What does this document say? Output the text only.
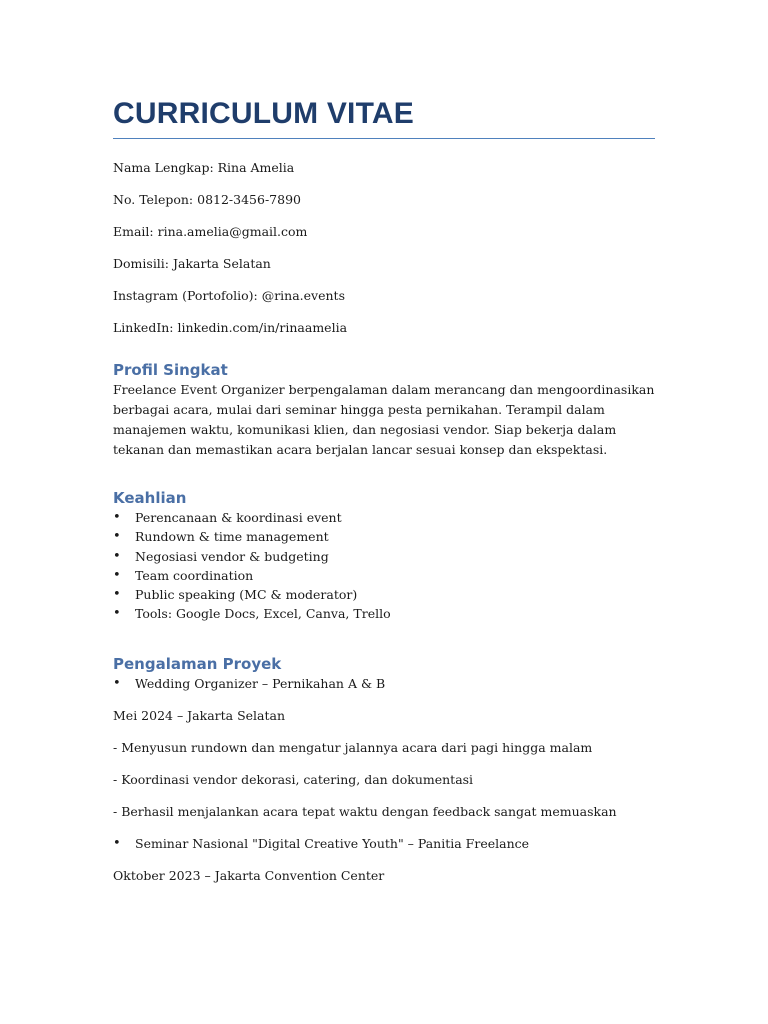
CURRICULUM VITAE

Nama Lengkap: Rina Amelia

No. Telepon: 0812-3456-7890

Email: rina.amelia@gmail.com

Domisili: Jakarta Selatan

Instagram (Portofolio): @rina.events

LinkedIn: linkedin.com/in/rinaamelia

Profil Singkat

Freelance Event Organizer berpengalaman dalam merancang dan mengoordinasikan berbagai acara, mulai dari seminar hingga pesta pernikahan. Terampil dalam manajemen waktu, komunikasi klien, dan negosiasi vendor. Siap bekerja dalam tekanan dan memastikan acara berjalan lancar sesuai konsep dan ekspektasi.

Keahlian
• Perencanaan & koordinasi event
• Rundown & time management
• Negosiasi vendor & budgeting
• Team coordination
• Public speaking (MC & moderator)
• Tools: Google Docs, Excel, Canva, Trello
Pengalaman Proyek
• Wedding Organizer – Pernikahan A & B

Mei 2024 – Jakarta Selatan

- Menyusun rundown dan mengatur jalannya acara dari pagi hingga malam

- Koordinasi vendor dekorasi, catering, dan dokumentasi

- Berhasil menjalankan acara tepat waktu dengan feedback sangat memuaskan

• Seminar Nasional "Digital Creative Youth" – Panitia Freelance

Oktober 2023 – Jakarta Convention Center
